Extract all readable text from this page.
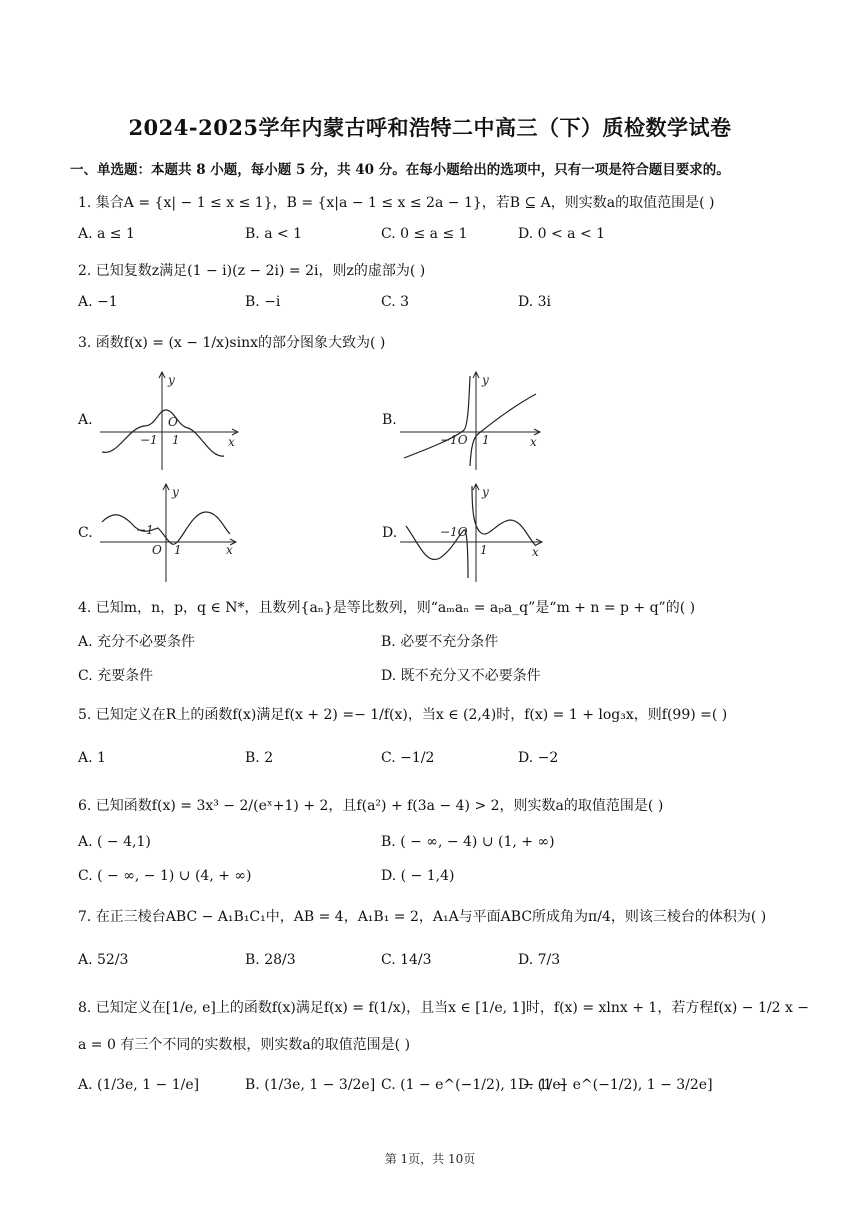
2024-2025学年内蒙古呼和浩特二中高三（下）质检数学试卷
一、单选题：本题共 8 小题，每小题 5 分，共 40 分。在每小题给出的选项中，只有一项是符合题目要求的。
1. 集合A = {x| − 1 ≤ x ≤ 1}，B = {x|a − 1 ≤ x ≤ 2a − 1}，若B ⊆ A，则实数a的取值范围是( )
A. a ≤ 1	B. a < 1	C. 0 ≤ a ≤ 1	D. 0 < a < 1
2. 已知复数z满足(1 − i)(z − 2i) = 2i，则z的虚部为( )
A. −1	B. −i	C. 3	D. 3i
3. 函数f(x) = (x − 1/x)sinx的部分图象大致为( )
A.
y
O
−1 1	x
B.
y
−1O 1	x
C.
y
−1
O 1	x
D.
y
−1O
1	x
4. 已知m，n，p，q ∈ N*，且数列{aₙ}是等比数列，则“aₘaₙ = aₚa_q”是“m + n = p + q”的( )
A. 充分不必要条件	B. 必要不充分条件
C. 充要条件	D. 既不充分又不必要条件
5. 已知定义在R上的函数f(x)满足f(x + 2) =− 1/f(x)，当x ∈ (2,4)时，f(x) = 1 + log₃x，则f(99) =( )
A. 1	B. 2	C. −1/2	D. −2
6. 已知函数f(x) = 3x³ − 2/(eˣ+1) + 2，且f(a²) + f(3a − 4) > 2，则实数a的取值范围是( )
A. ( − 4,1)	B. ( − ∞, − 4) ∪ (1, + ∞)
C. ( − ∞, − 1) ∪ (4, + ∞)	D. ( − 1,4)
7. 在正三棱台ABC − A₁B₁C₁中，AB = 4，A₁B₁ = 2，A₁A与平面ABC所成角为π/4，则该三棱台的体积为( )
A. 52/3	B. 28/3	C. 14/3	D. 7/3
8. 已知定义在[1/e, e]上的函数f(x)满足f(x) = f(1/x)，且当x ∈ [1/e, 1]时，f(x) = xlnx + 1，若方程f(x) − 1/2 x −
a = 0 有三个不同的实数根，则实数a的取值范围是( )
A. (1/3e, 1 − 1/e]	B. (1/3e, 1 − 3/2e] C. (1 − e^(−1/2), 1 − 1/e]
D. (1 − e^(−1/2), 1 − 3/2e]
第 1页，共 10页
